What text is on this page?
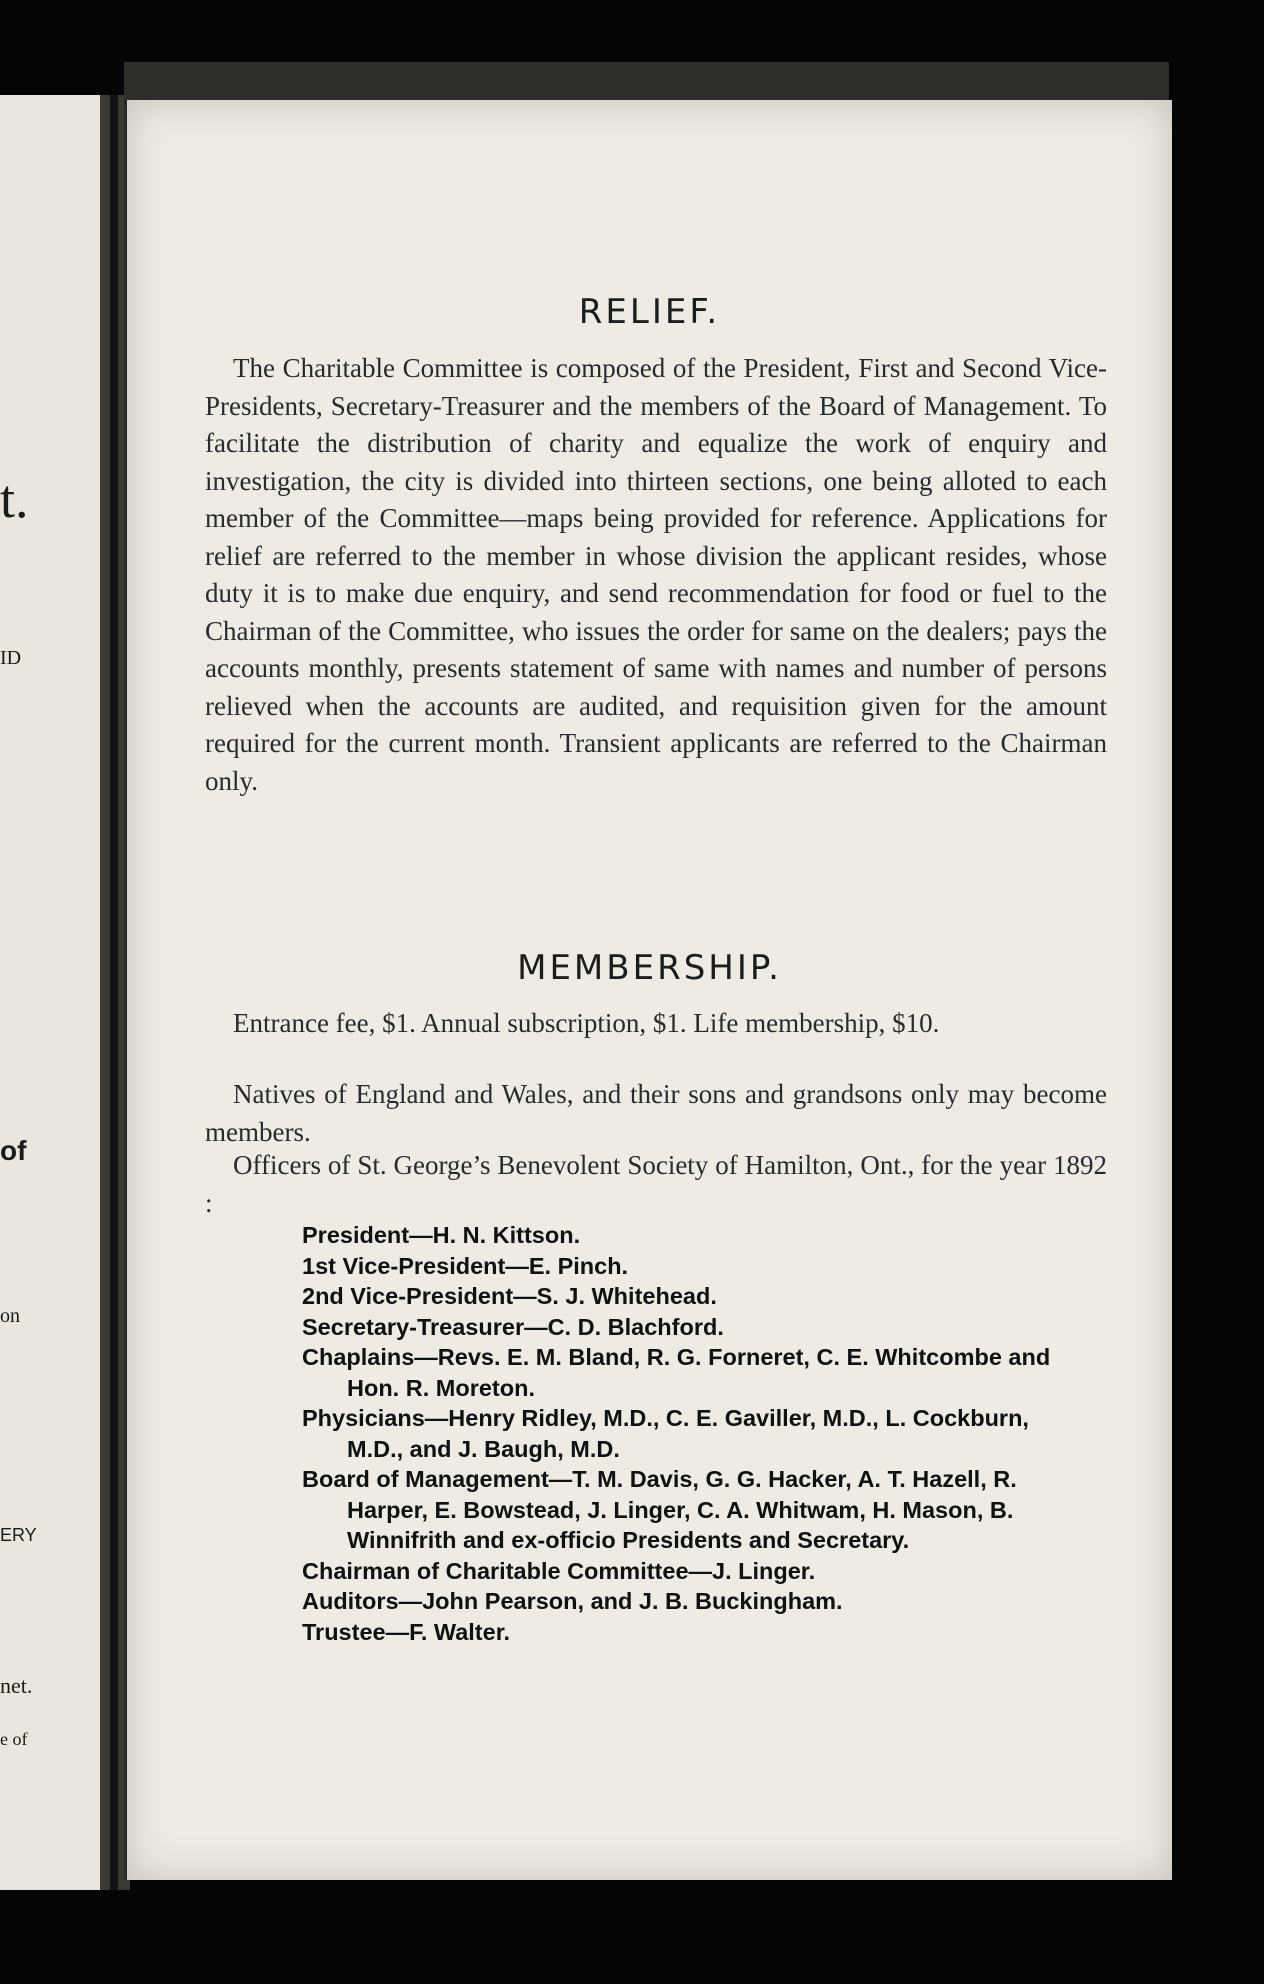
t.
ID
of
on
ERY
net.
e of
RELIEF.

The Charitable Committee is composed of the President, First and Second Vice-Presidents, Secretary-Treasurer and the members of the Board of Management. To facilitate the distribution of charity and equalize the work of enquiry and investigation, the city is divided into thirteen sections, one being alloted to each member of the Committee—maps being provided for reference. Applications for relief are referred to the member in whose division the applicant resides, whose duty it is to make due enquiry, and send recommendation for food or fuel to the Chairman of the Committee, who issues the order for same on the dealers; pays the accounts monthly, presents statement of same with names and number of persons relieved when the accounts are audited, and requisition given for the amount required for the current month. Transient applicants are referred to the Chairman only.

MEMBERSHIP.

Entrance fee, $1. Annual subscription, $1. Life membership, $10.

Natives of England and Wales, and their sons and grandsons only may become members.

Officers of St. George’s Benevolent Society of Hamilton, Ont., for the year 1892 :

President—H. N. Kittson.
1st Vice-President—E. Pinch.
2nd Vice-President—S. J. Whitehead.
Secretary-Treasurer—C. D. Blachford.
Chaplains—Revs. E. M. Bland, R. G. Forneret, C. E. Whitcombe and Hon. R. Moreton.
Physicians—Henry Ridley, M.D., C. E. Gaviller, M.D., L. Cockburn, M.D., and J. Baugh, M.D.
Board of Management—T. M. Davis, G. G. Hacker, A. T. Hazell, R. Harper, E. Bowstead, J. Linger, C. A. Whitwam, H. Mason, B. Winnifrith and ex-officio Presidents and Secretary.
Chairman of Charitable Committee—J. Linger.
Auditors—John Pearson, and J. B. Buckingham.
Trustee—F. Walter.
